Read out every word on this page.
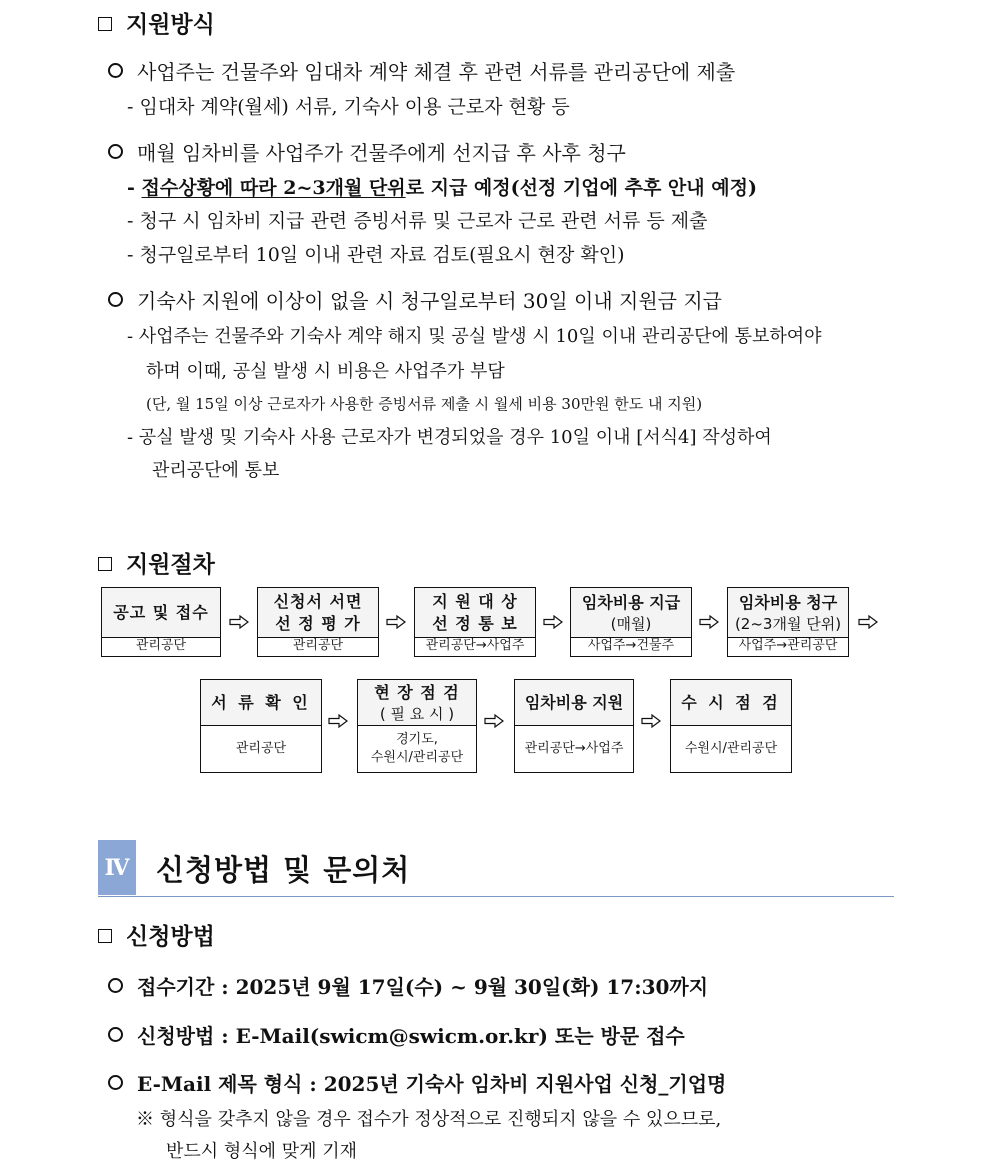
지원방식
사업주는 건물주와 임대차 계약 체결 후 관련 서류를 관리공단에 제출
- 임대차 계약(월세) 서류, 기숙사 이용 근로자 현황 등
매월 임차비를 사업주가 건물주에게 선지급 후 사후 청구
- 접수상황에 따라 2~3개월 단위로 지급 예정(선정 기업에 추후 안내 예정)
- 청구 시 임차비 지급 관련 증빙서류 및 근로자 근로 관련 서류 등 제출
- 청구일로부터 10일 이내 관련 자료 검토(필요시 현장 확인)
기숙사 지원에 이상이 없을 시 청구일로부터 30일 이내 지원금 지급
- 사업주는 건물주와 기숙사 계약 해지 및 공실 발생 시 10일 이내 관리공단에 통보하여야
하며 이때, 공실 발생 시 비용은 사업주가 부담
(단, 월 15일 이상 근로자가 사용한 증빙서류 제출 시 월세 비용 30만원 한도 내 지원)
- 공실 발생 및 기숙사 사용 근로자가 변경되었을 경우 10일 이내 [서식4] 작성하여
관리공단에 통보
지원절차
공고 및 접수
관리공단
신청서 서면
선 정 평 가
관리공단
지 원 대 상
선 정 통 보
관리공단→사업주
임차비용 지급
(매월)
사업주→건물주
임차비용 청구
(2~3개월 단위)
사업주→관리공단
서 류 확 인
관리공단
현 장 점 검
( 필 요 시 )
경기도,
수원시/관리공단
임차비용 지원
관리공단→사업주
수 시 점 검
수원시/관리공단
Ⅳ 신청방법 및 문의처
신청방법
접수기간 : 2025년 9월 17일(수) ~ 9월 30일(화) 17:30까지
신청방법 : E-Mail(swicm@swicm.or.kr) 또는 방문 접수
E-Mail 제목 형식 : 2025년 기숙사 임차비 지원사업 신청_기업명
※ 형식을 갖추지 않을 경우 접수가 정상적으로 진행되지 않을 수 있으므로,
반드시 형식에 맞게 기재
